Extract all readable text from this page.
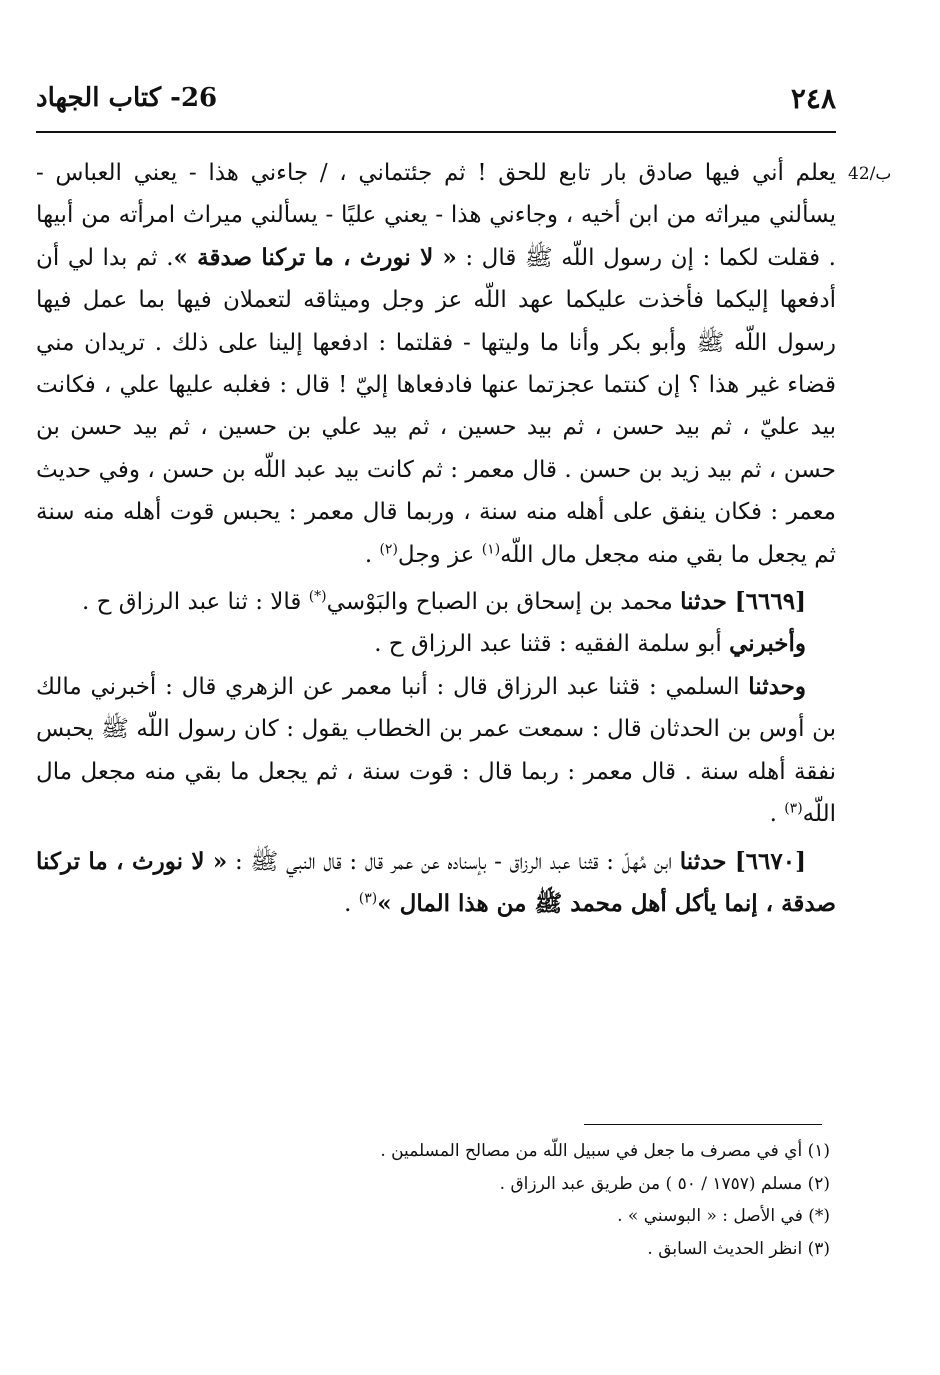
26- كتاب الجهاد	٢٤٨
42/ب

يعلم أني فيها صادق بار تابع للحق ! ثم جئتماني ، / جاءني هذا - يعني العباس - يسألني ميراثه من ابن أخيه ، وجاءني هذا - يعني عليًا - يسألني ميراث امرأته من أبيها . فقلت لكما : إن رسول اللّه ﷺ قال : « لا نورث ، ما تركنا صدقة ». ثم بدا لي أن أدفعها إليكما فأخذت عليكما عهد اللّه عز وجل وميثاقه لتعملان فيها بما عمل فيها رسول اللّه ﷺ وأبو بكر وأنا ما وليتها - فقلتما : ادفعها إلينا على ذلك . تريدان مني قضاء غير هذا ؟ إن كنتما عجزتما عنها فادفعاها إليّ ! قال : فغلبه عليها علي ، فكانت بيد عليّ ، ثم بيد حسن ، ثم بيد حسين ، ثم بيد علي بن حسين ، ثم بيد حسن بن حسن ، ثم بيد زيد بن حسن . قال معمر : ثم كانت بيد عبد اللّه بن حسن ، وفي حديث معمر : فكان ينفق على أهله منه سنة ، وربما قال معمر : يحبس قوت أهله منه سنة ثم يجعل ما بقي منه مجعل مال اللّه$^{(١)}$ عز وجل$^{(٢)}$ .

[٦٦٦٩] حدثنا محمد بن إسحاق بن الصباح والبَوْسي(*) قالا : ثنا عبد الرزاق ح .

وأخبرني أبو سلمة الفقيه : قثنا عبد الرزاق ح .

وحدثنا السلمي : قثنا عبد الرزاق قال : أنبا معمر عن الزهري قال : أخبرني مالك بن أوس بن الحدثان قال : سمعت عمر بن الخطاب يقول : كان رسول اللّه ﷺ يحبس نفقة أهله سنة . قال معمر : ربما قال : قوت سنة ، ثم يجعل ما بقي منه مجعل مال اللّه$^{(٣)}$ .

[٦٦٧٠] حدثنا ابن مُهلّ : قثنا عبد الرزاق - بإسناده عن عمر قال : قال النبي ﷺ : « لا نورث ، ما تركنا صدقة ، إنما يأكل أهل محمد ﷺ من هذا المال »$^{(٣)}$ .

(١) أي في مصرف ما جعل في سبيل اللّه من مصالح المسلمين .

(٢) مسلم (١٧٥٧ / ٥٠ ) من طريق عبد الرزاق .

(*) في الأصل : « البوسني » .

(٣) انظر الحديث السابق .
